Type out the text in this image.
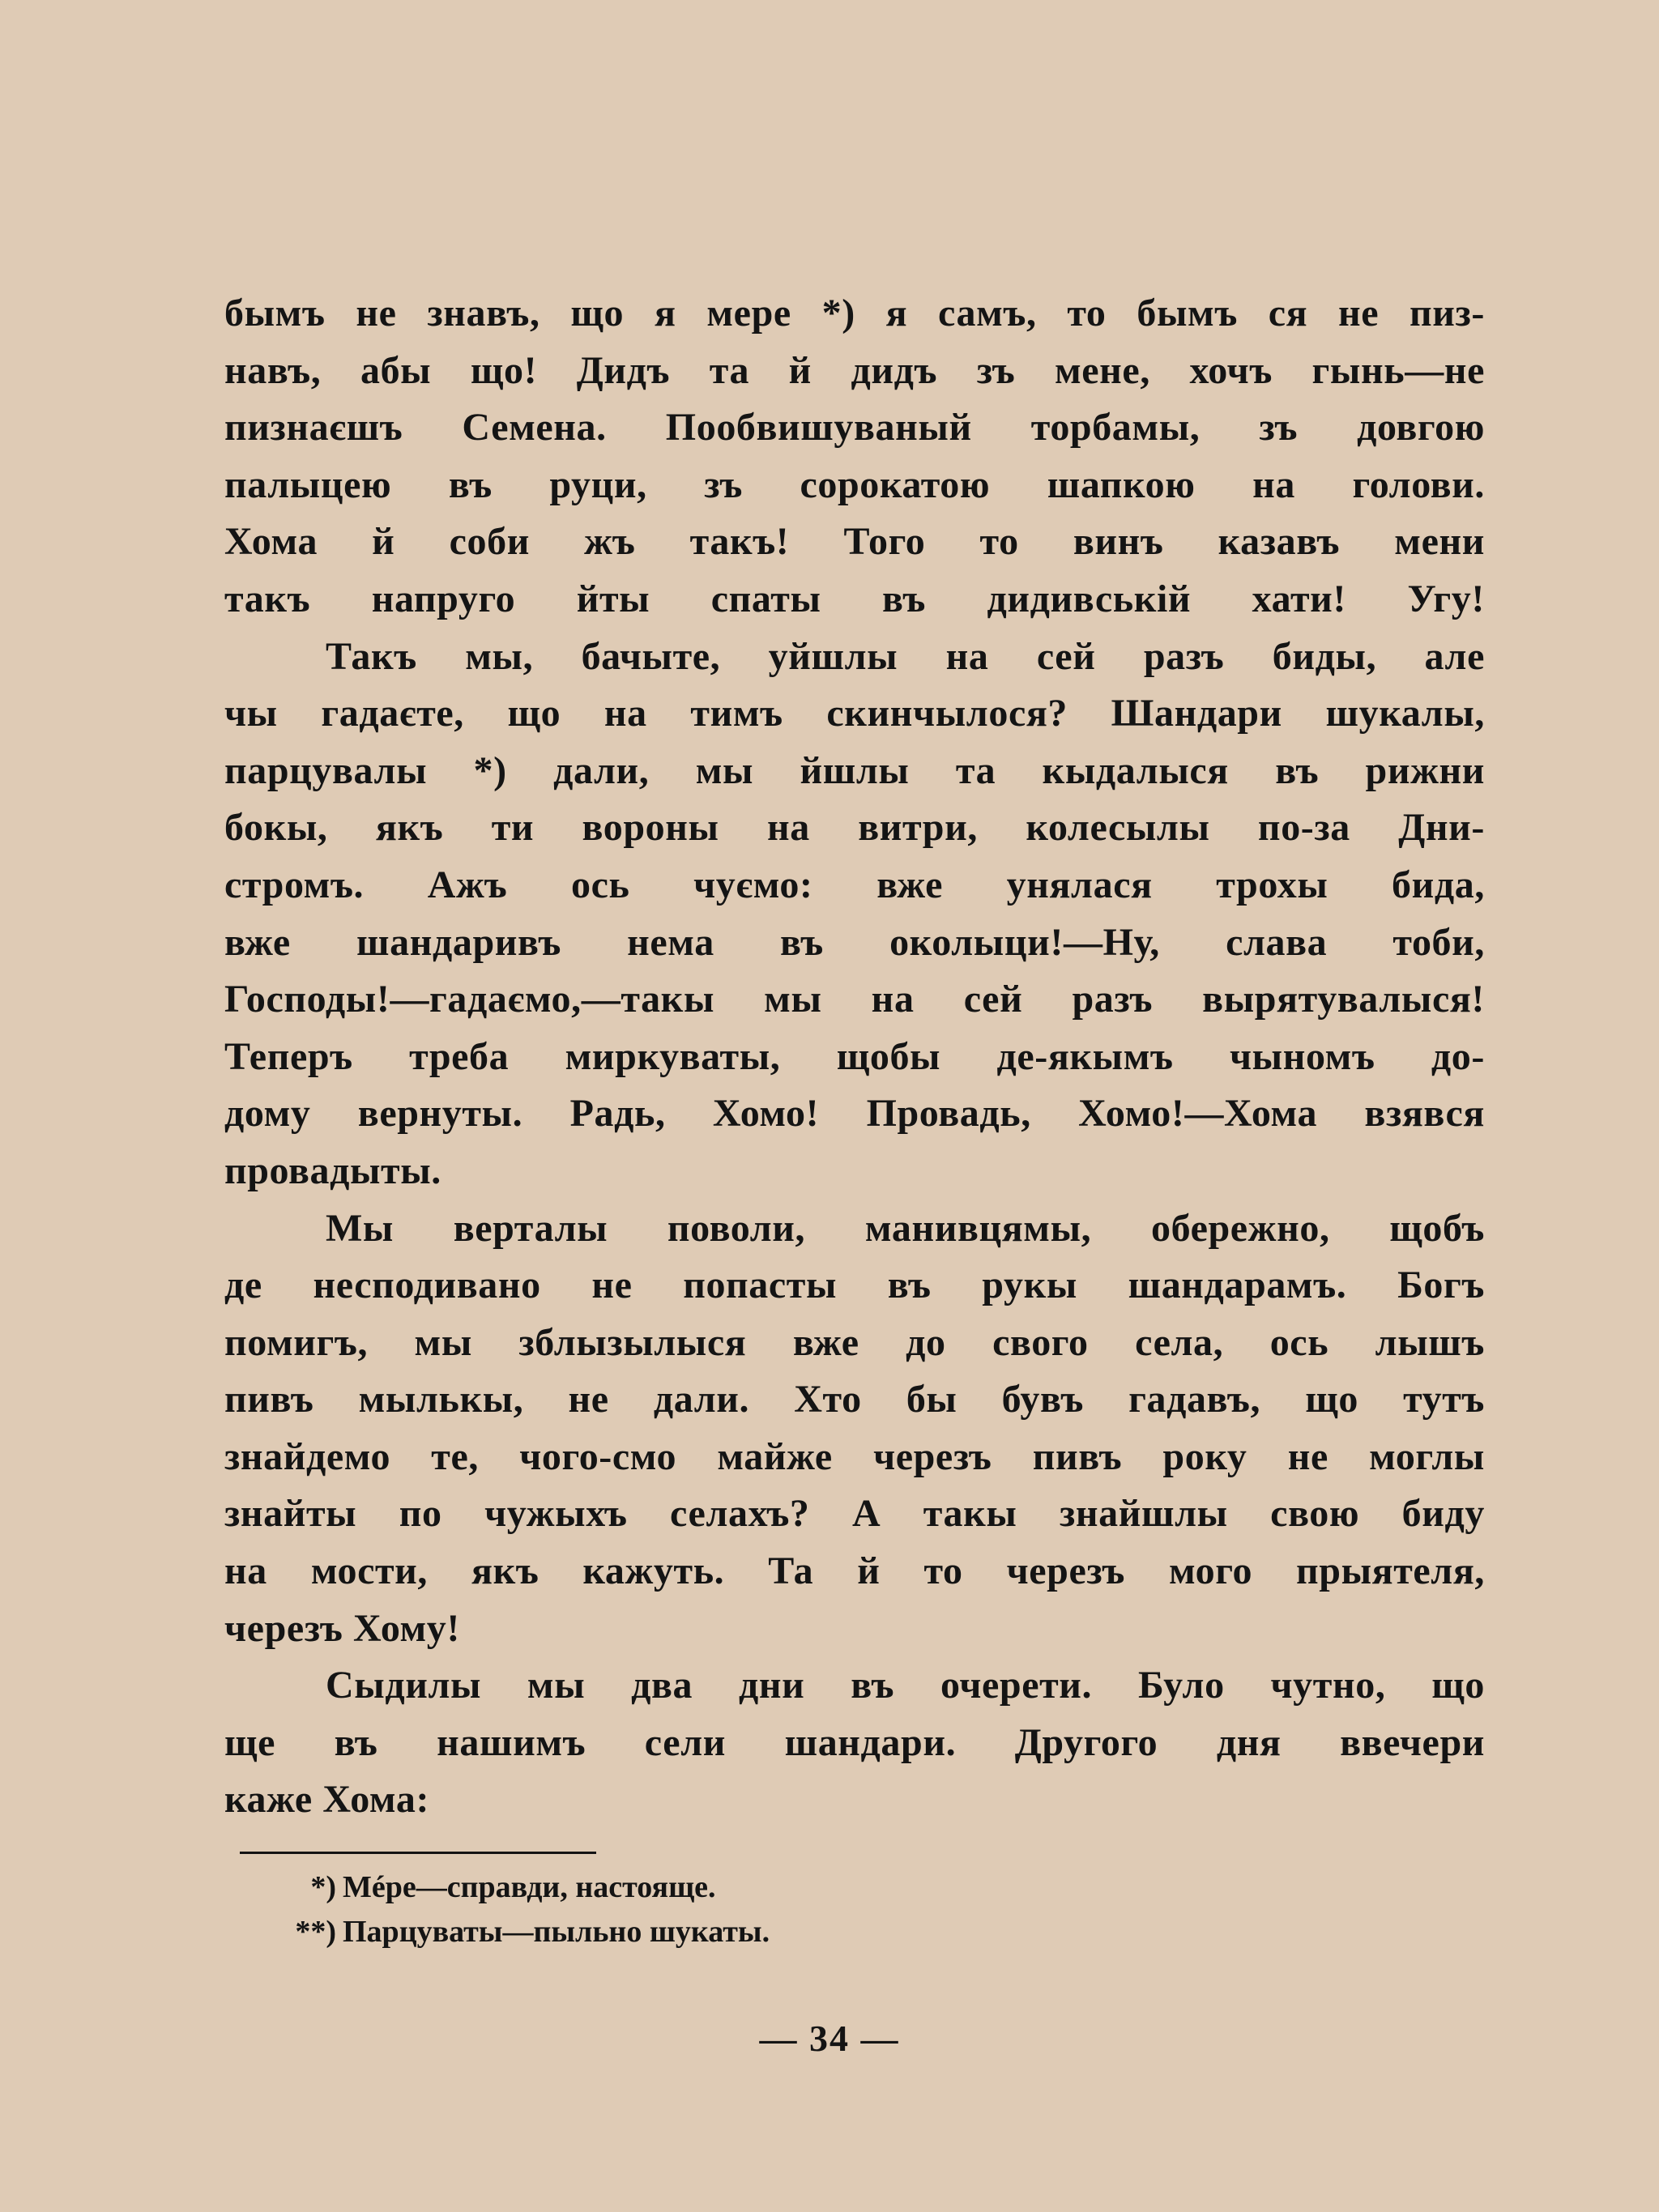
бымъ не знавъ, що я мере *) я самъ, то бымъ ся не пиз-
навъ, абы що! Дидъ та й дидъ зъ мене, хочъ гынь—не
пизнаєшъ Семена. Пообвишуваный торбамы, зъ довгою
палыцею въ руци, зъ сорокатою шапкою на голови.
Хома й соби жъ такъ! Того то винъ казавъ мени
такъ напруго йты спаты въ дидивській хати! Угу!

Такъ мы, бачыте, уйшлы на сей разъ биды, але
чы гадаєте, що на тимъ скинчылося? Шандари шукалы,
парцувалы *) дали, мы йшлы та кыдалыся въ рижни
бокы, якъ ти вороны на витри, колесылы по-за Дни-
стромъ. Ажъ ось чуємо: вже унялася трохы бида,
вже шандаривъ нема въ околыци!—Ну, слава тоби,
Господы!—гадаємо,—такы мы на сей разъ вырятувалыся!
Теперъ треба миркуваты, щобы де-якымъ чыномъ до-
дому вернуты. Радь, Хомо! Провадь, Хомо!—Хома взявся
провадыты.

Мы верталы поволи, манивцямы, обережно, щобъ
де несподивано не попасты въ рукы шандарамъ. Богъ
помигъ, мы зблызылыся вже до свого села, ось лышъ
пивъ мылькы, не дали. Хто бы бувъ гадавъ, що тутъ
знайдемо те, чого-смо майже черезъ пивъ року не моглы
знайты по чужыхъ селахъ? А такы знайшлы свою биду
на мости, якъ кажуть. Та й то черезъ мого прыятеля,
черезъ Хому!

Сыдилы мы два дни въ очерети. Було чутно, що
ще въ нашимъ сели шандари. Другого дня ввечери
каже Хома:

*) Мéре—справди, настояще.
**) Парцуваты—пыльно шукаты.
— 34 —
